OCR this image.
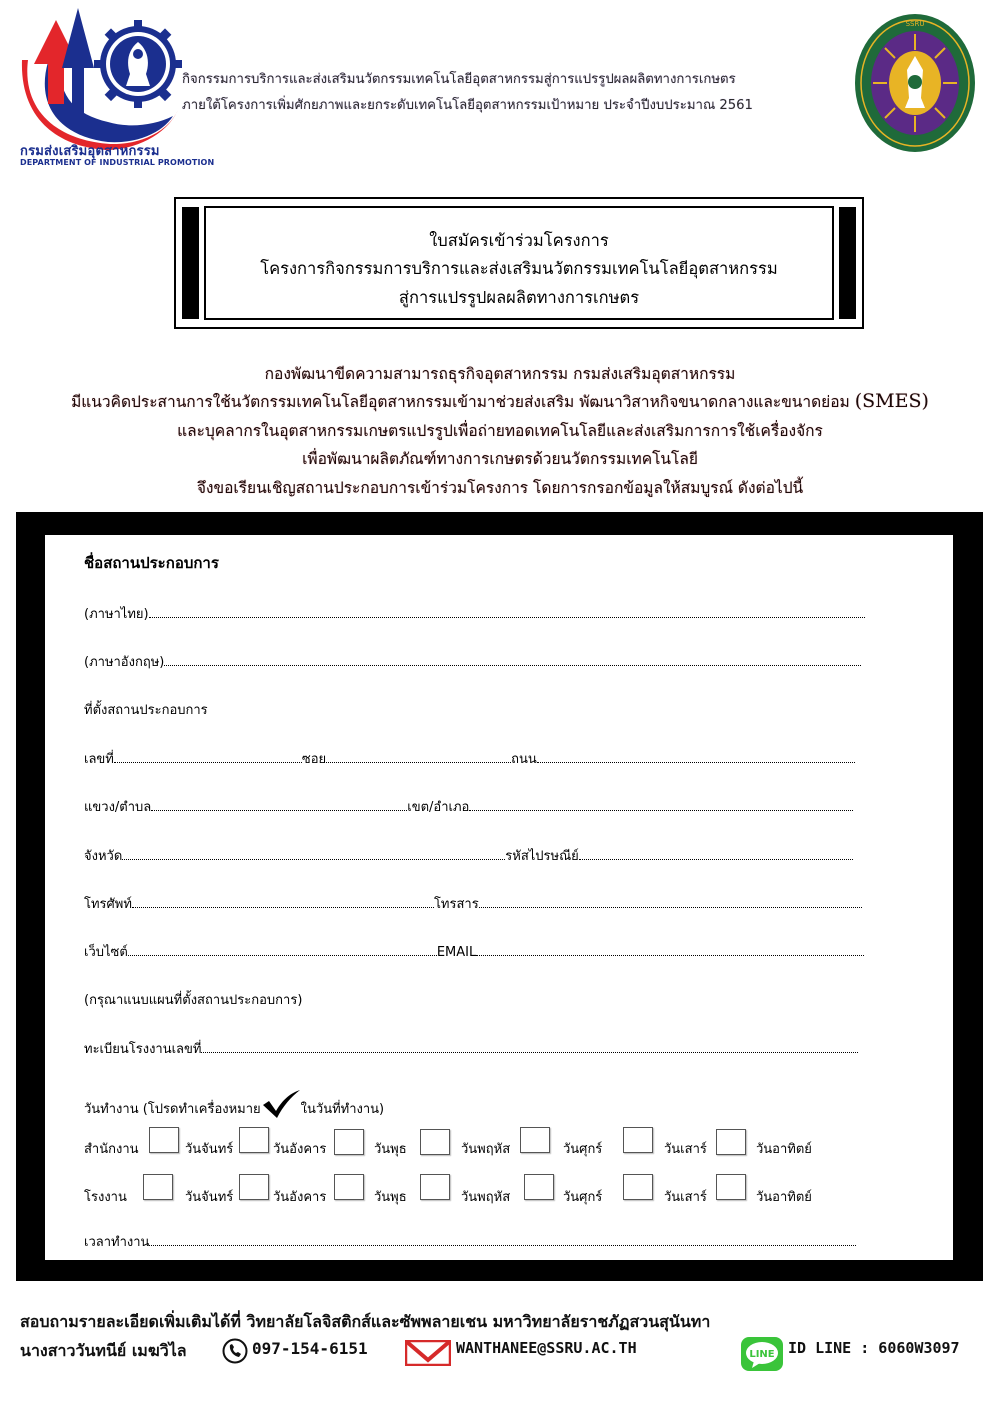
กรมส่งเสริมอุตสาหกรรม
DEPARTMENT OF INDUSTRIAL PROMOTION
กิจกรรมการบริการและส่งเสริมนวัตกรรมเทคโนโลยีอุตสาหกรรมสู่การแปรรูปผลผลิตทางการเกษตร
ภายใต้โครงการเพิ่มศักยภาพและยกระดับเทคโนโลยีอุตสาหกรรมเป้าหมาย ประจำปีงบประมาณ 2561
SSRU
ใบสมัครเข้าร่วมโครงการ
โครงการกิจกรรมการบริการและส่งเสริมนวัตกรรมเทคโนโลยีอุตสาหกรรม
สู่การแปรรูปผลผลิตทางการเกษตร
กองพัฒนาขีดความสามารถธุรกิจอุตสาหกรรม กรมส่งเสริมอุตสาหกรรม
มีแนวคิดประสานการใช้นวัตกรรมเทคโนโลยีอุตสาหกรรมเข้ามาช่วยส่งเสริม พัฒนาวิสาหกิจขนาดกลางและขนาดย่อม (SMES)
และบุคลากรในอุตสาหกรรมเกษตรแปรรูปเพื่อถ่ายทอดเทคโนโลยีและส่งเสริมการการใช้เครื่องจักร
เพื่อพัฒนาผลิตภัณฑ์ทางการเกษตรด้วยนวัตกรรมเทคโนโลยี
จึงขอเรียนเชิญสถานประกอบการเข้าร่วมโครงการ โดยการกรอกข้อมูลให้สมบูรณ์ ดังต่อไปนี้
ชื่อสถานประกอบการ
(ภาษาไทย)
(ภาษาอังกฤษ)
ที่ตั้งสถานประกอบการ
เลขที่	ซอย	ถนน
แขวง/ตำบล	เขต/อำเภอ
จังหวัด	รหัสไปรษณีย์
โทรศัพท์	โทรสาร
เว็บไซต์	EMAIL
(กรุณาแนบแผนที่ตั้งสถานประกอบการ)
ทะเบียนโรงงานเลขที่
วันทำงาน (โปรดทำเครื่องหมาย	ในวันที่ทำงาน)
สำนักงาน	วันจันทร์	วันอังคาร	วันพุธ	วันพฤหัส	วันศุกร์	วันเสาร์	วันอาทิตย์
โรงงาน	วันจันทร์	วันอังคาร	วันพุธ	วันพฤหัส	วันศุกร์	วันเสาร์	วันอาทิตย์
เวลาทำงาน
สอบถามรายละเอียดเพิ่มเติมได้ที่ วิทยาลัยโลจิสติกส์และซัพพลายเชน มหาวิทยาลัยราชภัฏสวนสุนันทา
นางสาววันทนีย์ เมฆวิไล	097-154-6151	WANTHANEE@SSRU.AC.TH	LINE ID LINE : 6060W3097
